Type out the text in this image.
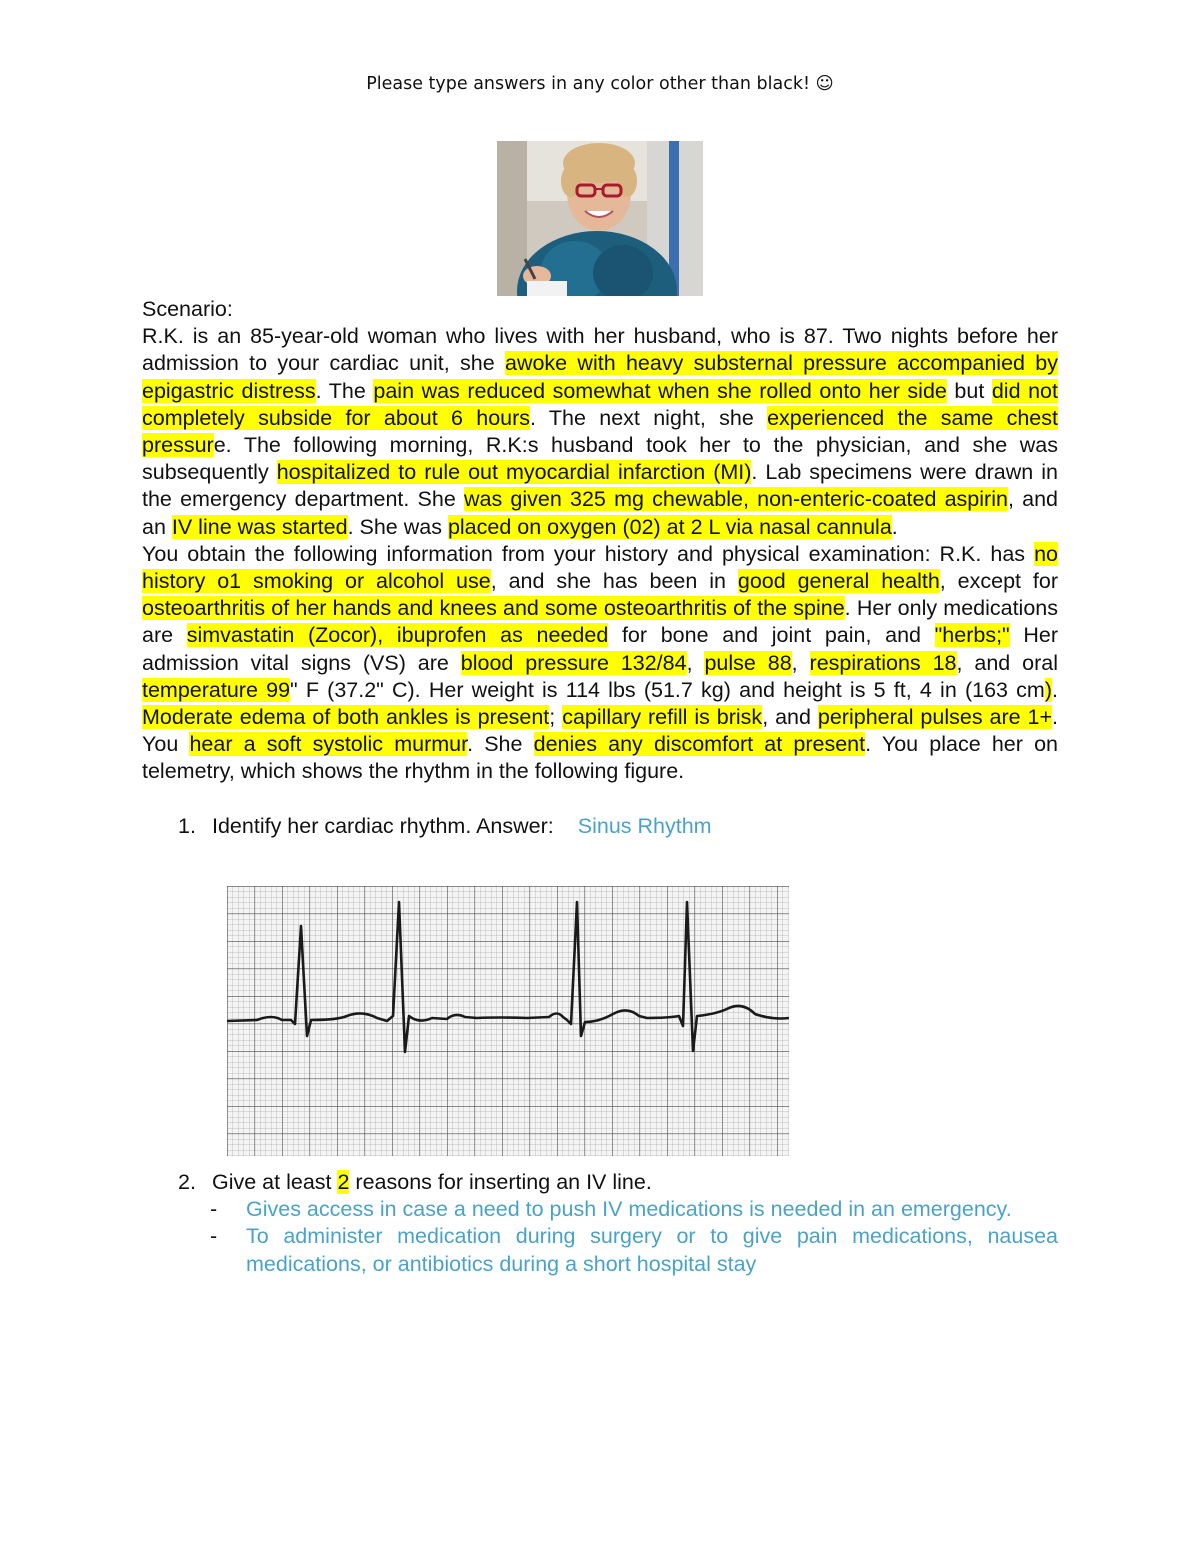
Please type answers in any color other than black! ☺

Scenario:

R.K. is an 85-year-old woman who lives with her husband, who is 87. Two nights before her admission to your cardiac unit, she awoke with heavy substernal pressure accompanied by epigastric distress. The pain was reduced somewhat when she rolled onto her side but did not completely subside for about 6 hours. The next night, she experienced the same chest pressure. The following morning, R.K:s husband took her to the physician, and she was subsequently hospitalized to rule out myocardial infarction (MI). Lab specimens were drawn in the emergency department. She was given 325 mg chewable, non-enteric-coated aspirin, and an IV line was started. She was placed on oxygen (02) at 2 L via nasal cannula.

You obtain the following information from your history and physical examination: R.K. has no history o1 smoking or alcohol use, and she has been in good general health, except for osteoarthritis of her hands and knees and some osteoarthritis of the spine. Her only medications are simvastatin (Zocor), ibuprofen as needed for bone and joint pain, and "herbs;" Her admission vital signs (VS) are blood pressure 132/84, pulse 88, respirations 18, and oral temperature 99" F (37.2" C). Her weight is 114 lbs (51.7 kg) and height is 5 ft, 4 in (163 cm). Moderate edema of both ankles is present; capillary refill is brisk, and peripheral pulses are 1+. You hear a soft systolic murmur. She denies any discomfort at present. You place her on telemetry, which shows the rhythm in the following figure.

1. Identify her cardiac rhythm. Answer: Sinus Rhythm
2. Give at least 2 reasons for inserting an IV line.
- Gives access in case a need to push IV medications is needed in an emergency.
- To administer medication during surgery or to give pain medications, nausea medications, or antibiotics during a short hospital stay
